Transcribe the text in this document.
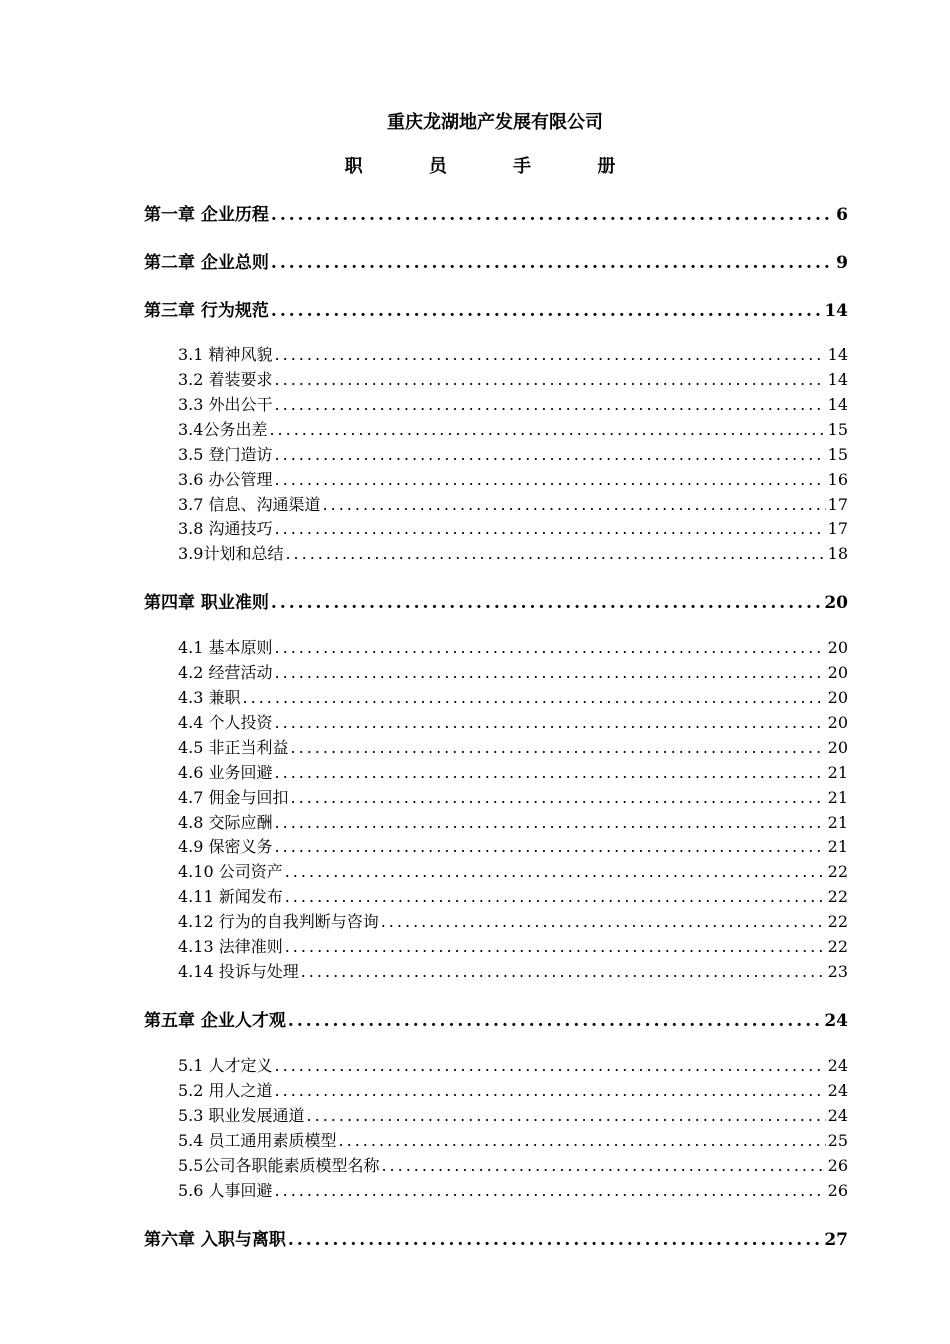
重庆龙湖地产发展有限公司
职 员 手 册
第一章 企业历程 .....	6
第二章 企业总则 .....	9
第三章 行为规范 .....	14
3.1 精神风貌 .....	14
3.2 着装要求 .....	14
3.3 外出公干 .....	14
3.4公务出差 .....	15
3.5 登门造访 .....	15
3.6 办公管理 .....	16
3.7 信息、沟通渠道 .....	17
3.8 沟通技巧 .....	17
3.9计划和总结 .....	18
第四章 职业准则 .....	20
4.1 基本原则 .....	20
4.2 经营活动 .....	20
4.3 兼职 .....	20
4.4 个人投资 .....	20
4.5 非正当利益 .....	20
4.6 业务回避 .....	21
4.7 佣金与回扣 .....	21
4.8 交际应酬 .....	21
4.9 保密义务 .....	21
4.10 公司资产 .....	22
4.11 新闻发布 .....	22
4.12 行为的自我判断与咨询 .....	22
4.13 法律准则 .....	22
4.14 投诉与处理 .....	23
第五章 企业人才观 .....	24
5.1 人才定义 .....	24
5.2 用人之道 .....	24
5.3 职业发展通道 .....	24
5.4 员工通用素质模型 .....	25
5.5公司各职能素质模型名称 .....	26
5.6 人事回避 .....	26
第六章 入职与离职 .....	27
